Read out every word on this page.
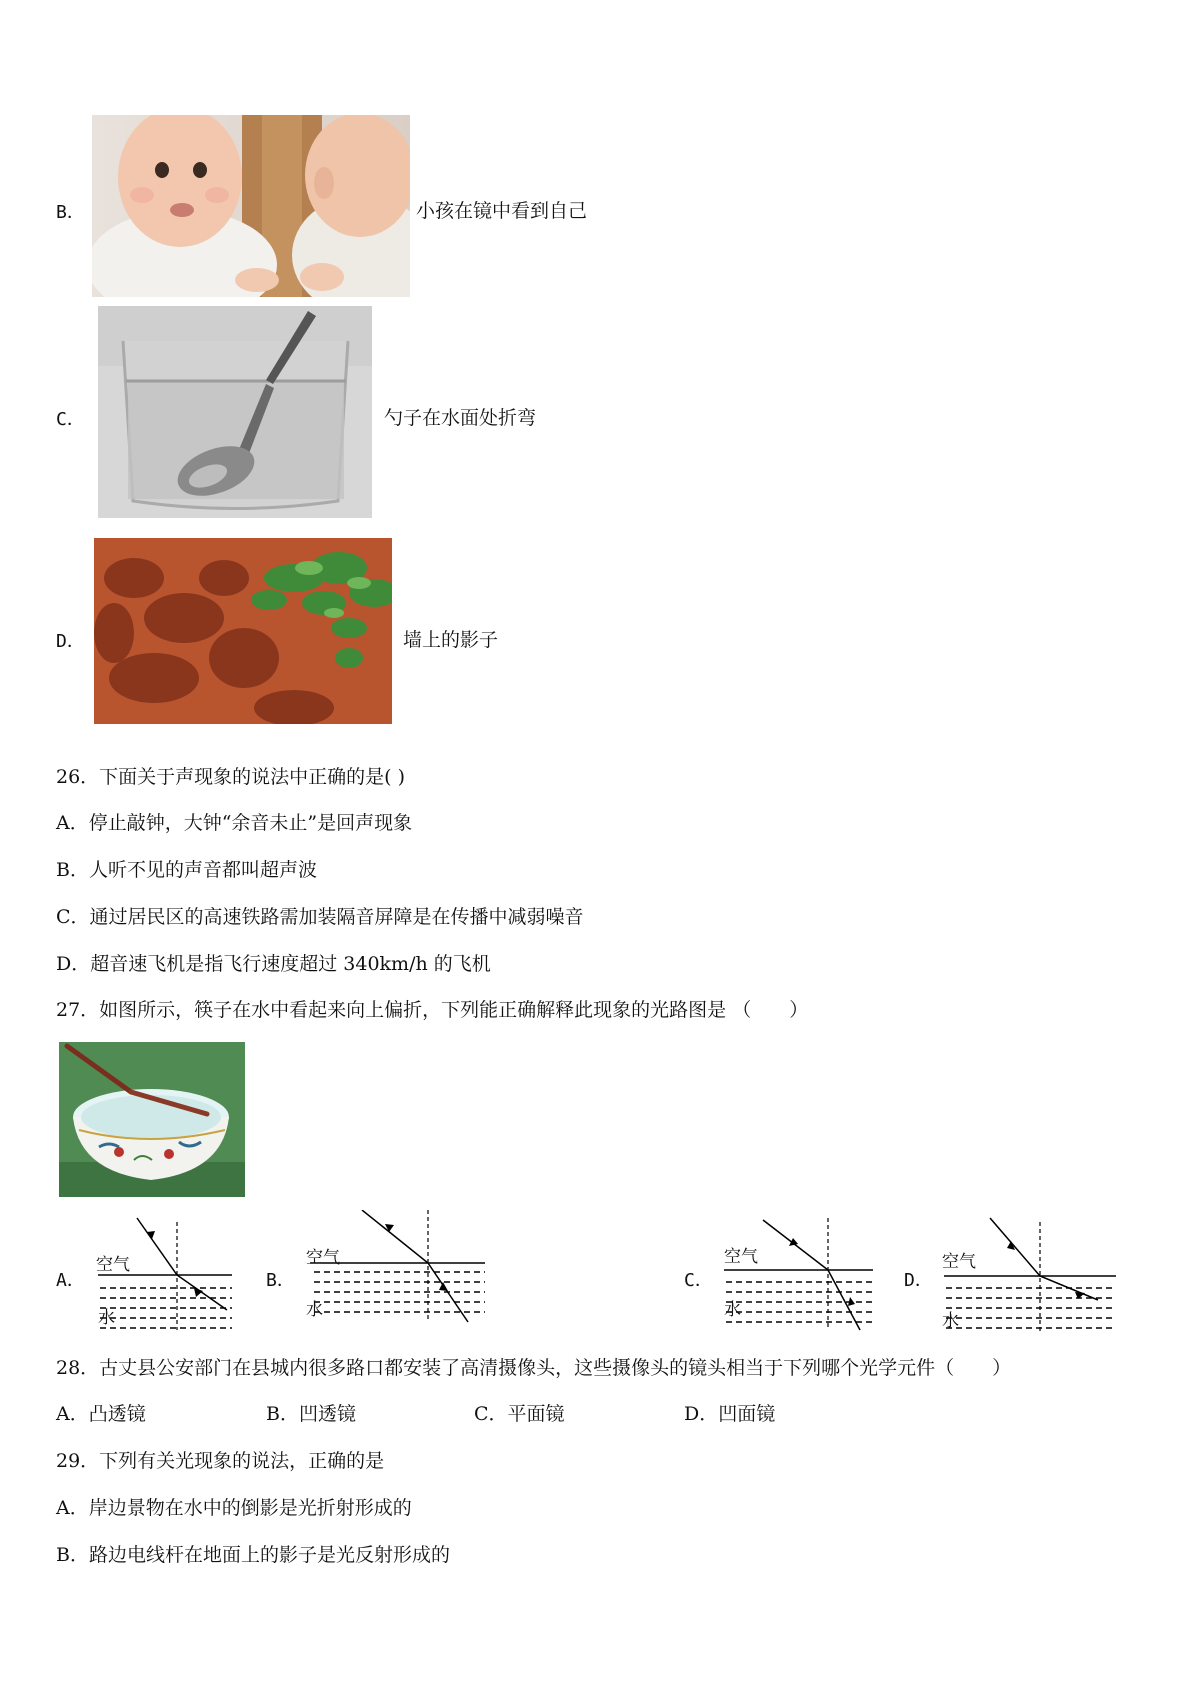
B．	小孩在镜中看到自己
C．	勺子在水面处折弯
D．	墙上的影子
26．下面关于声现象的说法中正确的是( )
A．停止敲钟，大钟“余音未止”是回声现象
B．人听不见的声音都叫超声波
C．通过居民区的高速铁路需加装隔音屏障是在传播中减弱噪音
D．超音速飞机是指飞行速度超过 340km/h 的飞机
27．如图所示，筷子在水中看起来向上偏折，下列能正确解释此现象的光路图是 （　　）
A．
空气
水
B．
空气
水
C．
空气
水
D．
空气
水
28．古丈县公安部门在县城内很多路口都安装了高清摄像头，这些摄像头的镜头相当于下列哪个光学元件（　　）
A．凸透镜	B．凹透镜	C．平面镜	D．凹面镜
29．下列有关光现象的说法，正确的是
A．岸边景物在水中的倒影是光折射形成的
B．路边电线杆在地面上的影子是光反射形成的
